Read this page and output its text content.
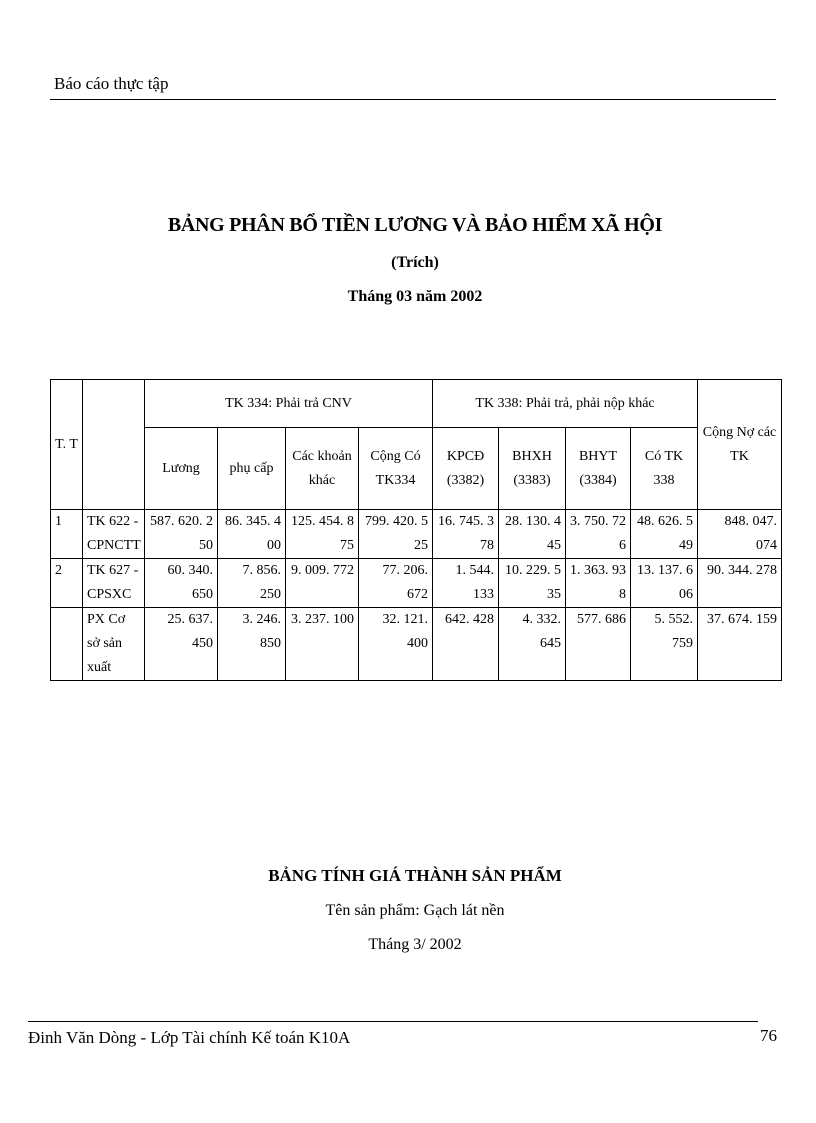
Báo cáo thực tập
BẢNG PHÂN BỔ TIỀN LƯƠNG VÀ BẢO HIỂM XÃ HỘI
(Trích)
Tháng 03 năm 2002
T. T		TK 334: Phải trả CNV				TK 338: Phải trả, phải nộp khác				Cộng Nợ các TK
		Lương	phụ cấp	Các khoản khác	Cộng Có TK334	KPCĐ (3382)	BHXH (3383)	BHYT (3384)	Có TK 338	
1	TK 622 - CPNCTT	587. 620. 250	86. 345. 400	125. 454. 875	799. 420. 525	16. 745. 378	28. 130. 445	3. 750. 726	48. 626. 549	848. 047. 074
2	TK 627 - CPSXC	60. 340. 650	7. 856. 250	9. 009. 772	77. 206. 672	1. 544. 133	10. 229. 535	1. 363. 938	13. 137. 606	90. 344. 278
	PX Cơ sở sản xuất	25. 637. 450	3. 246. 850	3. 237. 100	32. 121. 400	642. 428	4. 332. 645	577. 686	5. 552. 759	37. 674. 159
BẢNG TÍNH GIÁ THÀNH SẢN PHẨM
Tên sản phẩm: Gạch lát nền
Tháng 3/ 2002
Đinh Văn Dòng - Lớp Tài chính Kế toán K10A	76
